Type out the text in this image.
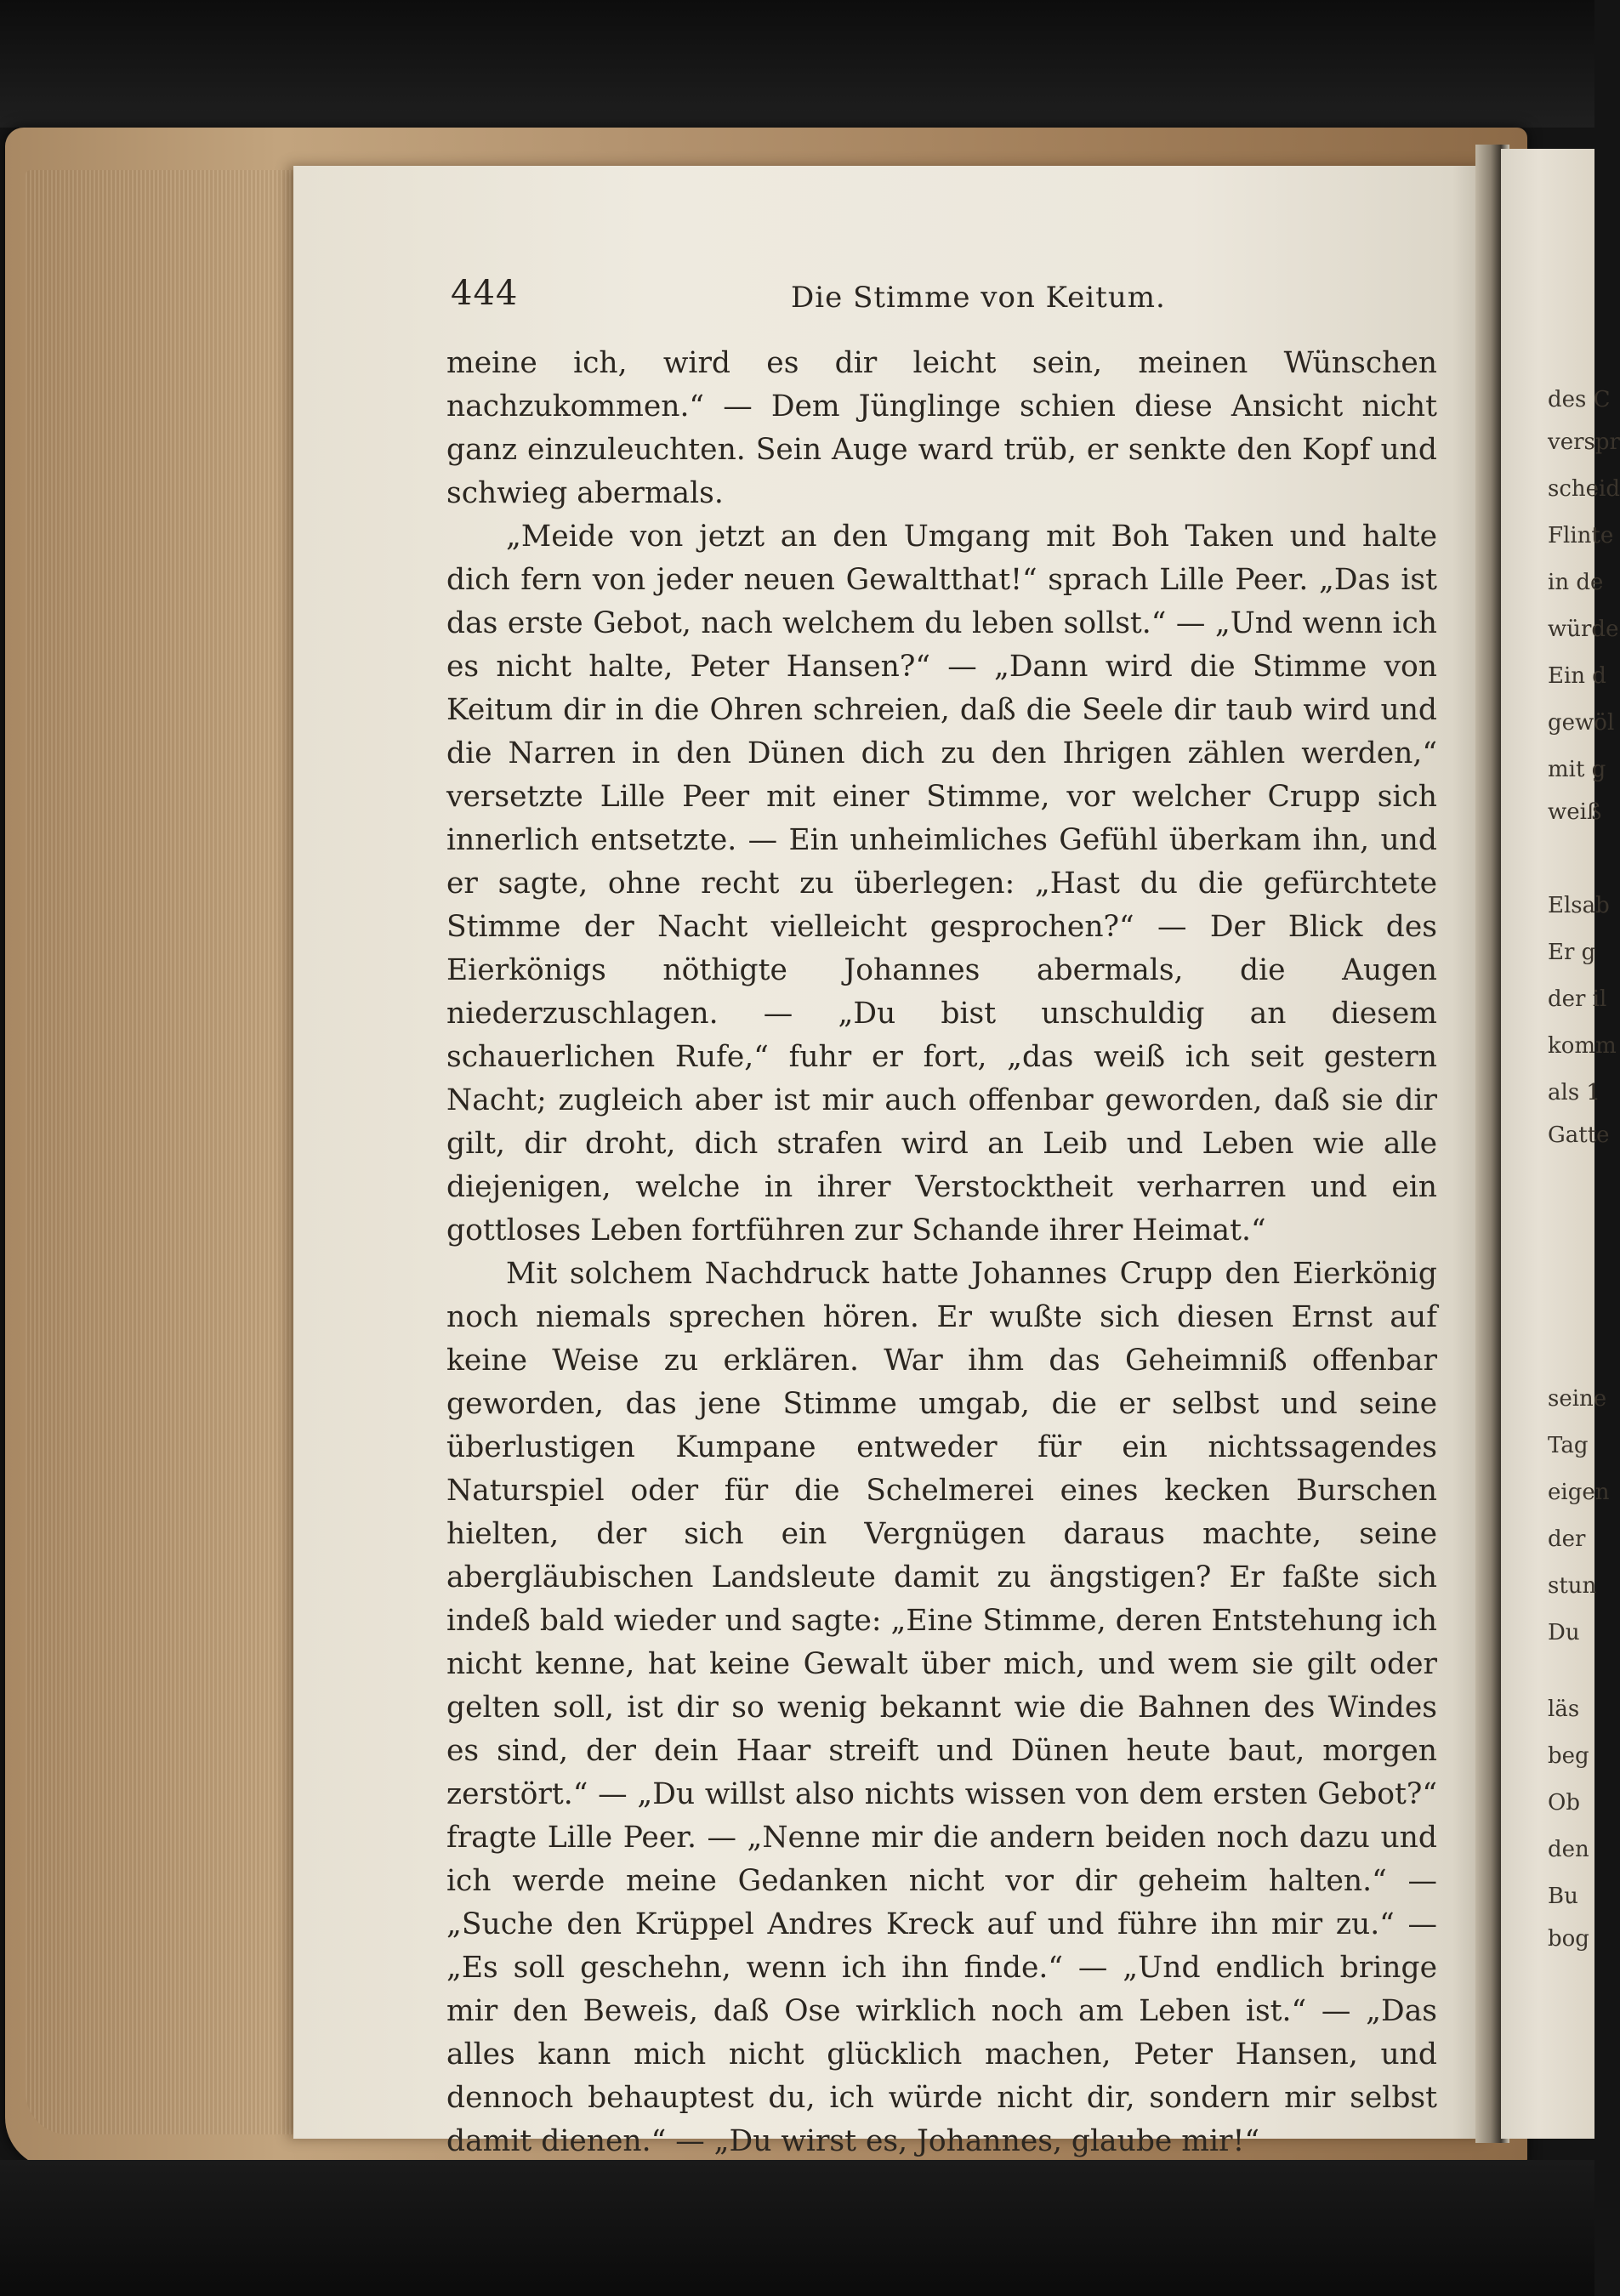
444	Die Stimme von Keitum.

meine ich, wird es dir leicht sein, meinen Wünschen nachzukommen.“ — Dem Jünglinge schien diese Ansicht nicht ganz einzuleuchten. Sein Auge ward trüb, er senkte den Kopf und schwieg abermals.

„Meide von jetzt an den Umgang mit Boh Taken und halte dich fern von jeder neuen Gewaltthat!“ sprach Lille Peer. „Das ist das erste Gebot, nach welchem du leben sollst.“ — „Und wenn ich es nicht halte, Peter Hansen?“ — „Dann wird die Stimme von Keitum dir in die Ohren schreien, daß die Seele dir taub wird und die Narren in den Dünen dich zu den Ihrigen zählen werden,“ versetzte Lille Peer mit einer Stimme, vor welcher Crupp sich innerlich entsetzte. — Ein unheimliches Gefühl überkam ihn, und er sagte, ohne recht zu überlegen: „Hast du die gefürchtete Stimme der Nacht vielleicht gesprochen?“ — Der Blick des Eierkönigs nöthigte Johannes abermals, die Augen niederzuschlagen. — „Du bist unschuldig an diesem schauerlichen Rufe,“ fuhr er fort, „das weiß ich seit gestern Nacht; zugleich aber ist mir auch offenbar geworden, daß sie dir gilt, dir droht, dich strafen wird an Leib und Leben wie alle diejenigen, welche in ihrer Verstocktheit verharren und ein gottloses Leben fortführen zur Schande ihrer Heimat.“

Mit solchem Nachdruck hatte Johannes Crupp den Eierkönig noch niemals sprechen hören. Er wußte sich diesen Ernst auf keine Weise zu erklären. War ihm das Geheimniß offenbar geworden, das jene Stimme umgab, die er selbst und seine überlustigen Kumpane entweder für ein nichtssagendes Naturspiel oder für die Schelmerei eines kecken Burschen hielten, der sich ein Vergnügen daraus machte, seine abergläubischen Landsleute damit zu ängstigen? Er faßte sich indeß bald wieder und sagte: „Eine Stimme, deren Entstehung ich nicht kenne, hat keine Gewalt über mich, und wem sie gilt oder gelten soll, ist dir so wenig bekannt wie die Bahnen des Windes es sind, der dein Haar streift und Dünen heute baut, morgen zerstört.“ — „Du willst also nichts wissen von dem ersten Gebot?“ fragte Lille Peer. — „Nenne mir die andern beiden noch dazu und ich werde meine Gedanken nicht vor dir geheim halten.“ — „Suche den Krüppel Andres Kreck auf und führe ihn mir zu.“ — „Es soll geschehn, wenn ich ihn finde.“ — „Und endlich bringe mir den Beweis, daß Ose wirklich noch am Leben ist.“ — „Das alles kann mich nicht glücklich machen, Peter Hansen, und dennoch behauptest du, ich würde nicht dir, sondern mir selbst damit dienen.“ — „Du wirst es, Johannes, glaube mir!“

des C
verspr
scheid
Flinte
in de
würde
Ein d
gewöl
mit g
weiß
Elsab
Er g
der il
komm
als 1
Gatte
seine
Tag
eigen
der
stun
Du
läs
beg
Ob
den
Bu
bog
